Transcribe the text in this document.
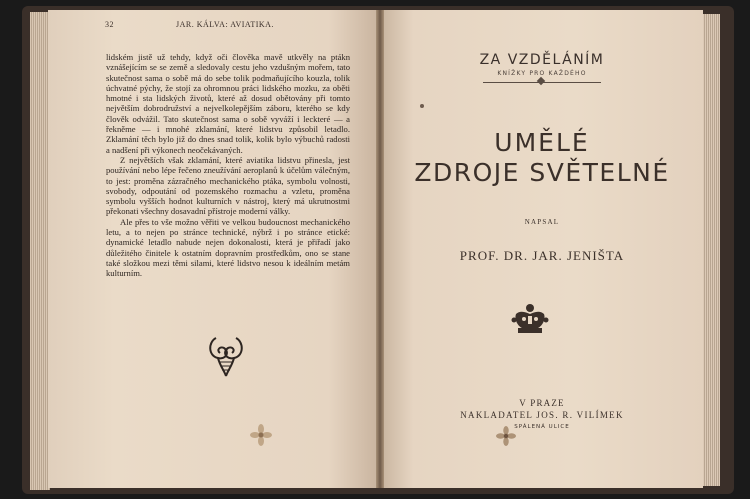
32	JAR. KÁLVA: AVIATIKA.

lidském jistě už tehdy, když oči člověka mavě utkvěly na ptákn vznášejícím se se země a sledovaly cestu jeho vzdušným mořem, tato skutečnost sama o sobě má do sebe tolik podmaňujícího kouzla, tolik úchvatné pýchy, že stojí za ohromnou práci lidského mozku, za oběti hmotné i sta lidských životů, které až dosud obětovány při tomto největším dobrodružství a nejvelkolepějším záboru, kterého se kdy člověk odvážil. Tato skutečnost sama o sobě vyváží i leckteré — a řekněme — i mnohé zklamání, které lidstvu způsobil letadlo. Zklamání těch bylo již do dnes snad tolik, kolik bylo výbuchů radosti a nadšení při výkonech neočekávaných.

Z největších však zklamání, které aviatika lidstvu přinesla, jest používání nebo lépe řečeno zneužívání aeroplanů k účelům válečným, to jest: proměna zázračného mechanického ptáka, symbolu volnosti, svobody, odpoutání od pozemského rozmachu a vzletu, proměna symbolu vyšších hodnot kulturních v nástroj, který má ukrutnostmi překonati všechny dosavadní přístroje moderní války.

Ale přes to vše možno věřiti ve velkou budoucnost mechanického letu, a to nejen po stránce technické, nýbrž i po stránce etické: dynamické letadlo nabude nejen dokonalosti, která je přiřadí jako důležitého činitele k ostatním dopravním prostředkům, ono se stane také složkou mezi těmi silami, které lidstvo nesou k ideálním metám kulturním.

ZA VZDĚLÁNÍM
KNÍŽKY PRO KAŽDÉHO
UMĚLÉ
ZDROJE SVĚTELNÉ
NAPSAL
PROF. DR. JAR. JENIŠTA
V PRAZE
NAKLADATEL JOS. R. VILÍMEK
SPÁLENÁ ULICE
